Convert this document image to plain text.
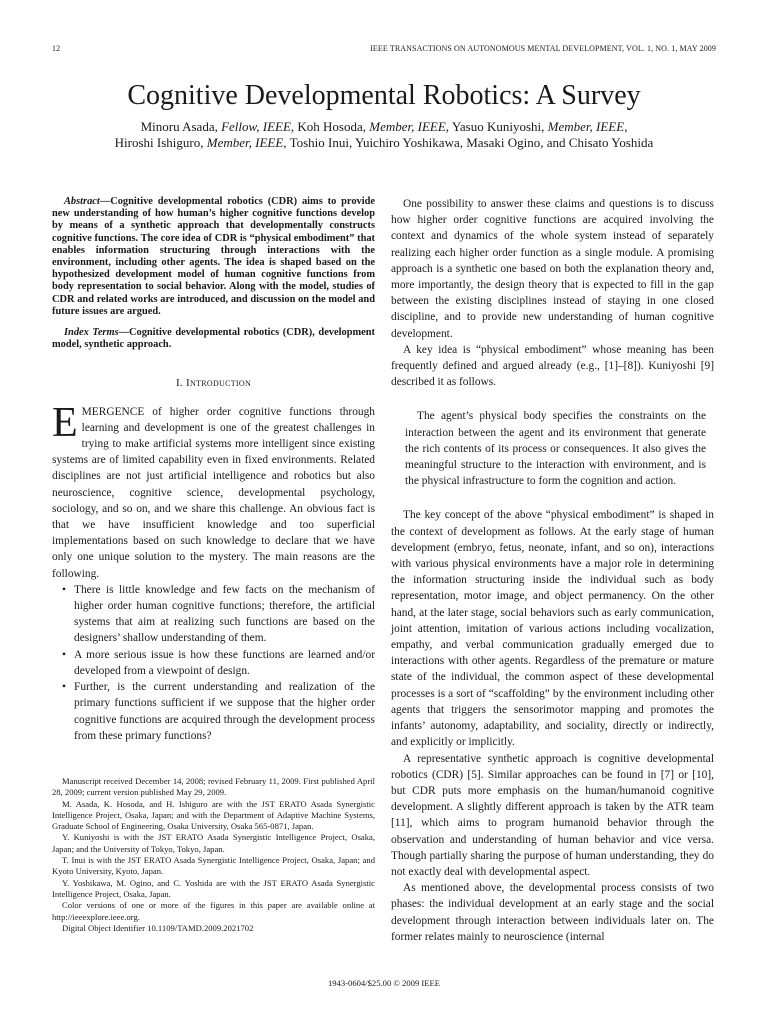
12	IEEE TRANSACTIONS ON AUTONOMOUS MENTAL DEVELOPMENT, VOL. 1, NO. 1, MAY 2009
Cognitive Developmental Robotics: A Survey
Minoru Asada, Fellow, IEEE, Koh Hosoda, Member, IEEE, Yasuo Kuniyoshi, Member, IEEE,
Hiroshi Ishiguro, Member, IEEE, Toshio Inui, Yuichiro Yoshikawa, Masaki Ogino, and Chisato Yoshida

Abstract—Cognitive developmental robotics (CDR) aims to provide new understanding of how human’s higher cognitive functions develop by means of a synthetic approach that developmentally constructs cognitive functions. The core idea of CDR is “physical embodiment” that enables information structuring through interactions with the environment, including other agents. The idea is shaped based on the hypothesized development model of human cognitive functions from body representation to social behavior. Along with the model, studies of CDR and related works are introduced, and discussion on the model and future issues are argued.

Index Terms—Cognitive developmental robotics (CDR), development model, synthetic approach.

I. Introduction

EMERGENCE of higher order cognitive functions through learning and development is one of the greatest challenges in trying to make artificial systems more intelligent since existing systems are of limited capability even in fixed environments. Related disciplines are not just artificial intelligence and robotics but also neuroscience, cognitive science, developmental psychology, sociology, and so on, and we share this challenge. An obvious fact is that we have insufficient knowledge and too superficial implementations based on such knowledge to declare that we have only one unique solution to the mystery. The main reasons are the following.

• There is little knowledge and few facts on the mechanism of higher order human cognitive functions; therefore, the artificial systems that aim at realizing such functions are based on the designers’ shallow understanding of them.
• A more serious issue is how these functions are learned and/or developed from a viewpoint of design.
• Further, is the current understanding and realization of the primary functions sufficient if we suppose that the higher order cognitive functions are acquired through the development process from these primary functions?

Manuscript received December 14, 2008; revised February 11, 2009. First published April 28, 2009; current version published May 29, 2009.

M. Asada, K. Hosoda, and H. Ishiguro are with the JST ERATO Asada Synergistic Intelligence Project, Osaka, Japan; and with the Department of Adaptive Machine Systems, Graduate School of Engineering, Osaka University, Osaka 565-0871, Japan.

Y. Kuniyoshi is with the JST ERATO Asada Synergistic Intelligence Project, Osaka, Japan; and the University of Tokyo, Tokyo, Japan.

T. Inui is with the JST ERATO Asada Synergistic Intelligence Project, Osaka, Japan; and Kyoto University, Kyoto, Japan.

Y. Yoshikawa, M. Ogino, and C. Yoshida are with the JST ERATO Asada Synergistic Intelligence Project, Osaka, Japan.

Color versions of one or more of the figures in this paper are available online at http://ieeexplore.ieee.org.

Digital Object Identifier 10.1109/TAMD.2009.2021702

One possibility to answer these claims and questions is to discuss how higher order cognitive functions are acquired involving the context and dynamics of the whole system instead of separately realizing each higher order function as a single module. A promising approach is a synthetic one based on both the explanation theory and, more importantly, the design theory that is expected to fill in the gap between the existing disciplines instead of staying in one closed discipline, and to provide new understanding of human cognitive development.

A key idea is “physical embodiment” whose meaning has been frequently defined and argued already (e.g., [1]–[8]). Kuniyoshi [9] described it as follows.

The agent’s physical body specifies the constraints on the interaction between the agent and its environment that generate the rich contents of its process or consequences. It also gives the meaningful structure to the interaction with environment, and is the physical infrastructure to form the cognition and action.

The key concept of the above “physical embodiment” is shaped in the context of development as follows. At the early stage of human development (embryo, fetus, neonate, infant, and so on), interactions with various physical environments have a major role in determining the information structuring inside the individual such as body representation, motor image, and object permanency. On the other hand, at the later stage, social behaviors such as early communication, joint attention, imitation of various actions including vocalization, empathy, and verbal communication gradually emerged due to interactions with other agents. Regardless of the premature or mature state of the individual, the common aspect of these developmental processes is a sort of “scaffolding” by the environment including other agents that triggers the sensorimotor mapping and promotes the infants’ autonomy, adaptability, and sociality, directly or indirectly, and explicitly or implicitly.

A representative synthetic approach is cognitive developmental robotics (CDR) [5]. Similar approaches can be found in [7] or [10], but CDR puts more emphasis on the human/humanoid cognitive development. A slightly different approach is taken by the ATR team [11], which aims to program humanoid behavior through the observation and understanding of human behavior and vice versa. Though partially sharing the purpose of human understanding, they do not exactly deal with developmental aspect.

As mentioned above, the developmental process consists of two phases: the individual development at an early stage and the social development through interaction between individuals later on. The former relates mainly to neuroscience (internal

1943-0604/$25.00 © 2009 IEEE
